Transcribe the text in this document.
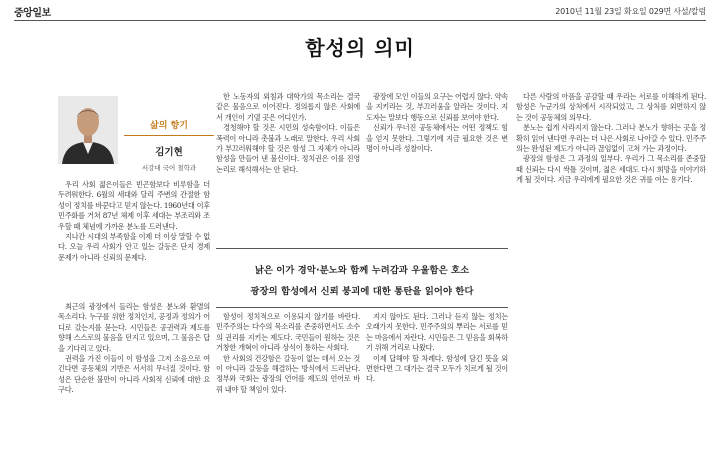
중앙일보	2010년 11월 23일 화요일 029면 사설/칼럼
함성의 의미
삶의 향기
김기현
서강대 국어 철학과

우리 사회 젊은이들은 빈곤함보다 비루함을 더 두려워한다. 6월의 세대와 달리 주변의 간절한 함성이 정치를 바꾼다고 믿지 않는다. 1960년대 이후 민주화를 거쳐 87년 체제 이후 세대는 부조리와 조우할 때 체념에 가까운 분노를 드러낸다.

지나간 시대의 부족함을 이제 더 이상 말할 수 없다. 오늘 우리 사회가 안고 있는 갈등은 단지 경제 문제가 아니라 신뢰의 문제다.

최근의 광장에서 들리는 함성은 분노와 환멸의 목소리다. 누구를 위한 정치인지, 공정과 정의가 어디로 갔는지를 묻는다. 시민들은 공권력과 제도를 향해 스스로의 물음을 던지고 있으며, 그 물음은 답을 기다리고 있다.

권력을 가진 이들이 이 함성을 그저 소음으로 여긴다면 공동체의 기반은 서서히 무너질 것이다. 함성은 단순한 불만이 아니라 사회적 신뢰에 대한 요구다.

한 노동자의 외침과 대학가의 목소리는 결국 같은 물음으로 이어진다. 정의롭지 않은 사회에서 개인이 기댈 곳은 어디인가.

경청해야 할 것은 시민의 성숙함이다. 이들은 폭력이 아니라 촛불과 노래로 말한다. 우리 사회가 부끄러워해야 할 것은 함성 그 자체가 아니라 함성을 만들어 낸 불신이다. 정치권은 이를 진영 논리로 해석해서는 안 된다.

광장에 모인 이들의 요구는 어렵지 않다. 약속을 지키라는 것, 부끄러움을 알라는 것이다. 지도자는 말보다 행동으로 신뢰를 보여야 한다.

신뢰가 무너진 공동체에서는 어떤 정책도 힘을 얻지 못한다. 그렇기에 지금 필요한 것은 변명이 아니라 성찰이다.

낡은 이가 경악·분노와 함께 누려감과 우울함은 호소
광장의 함성에서 신뢰 붕괴에 대한 통탄을 읽어야 한다

함성이 정치적으로 이용되지 않기를 바란다. 민주주의는 다수의 목소리를 존중하면서도 소수의 권리를 지키는 제도다. 국민들이 원하는 것은 거창한 개혁이 아니라 상식이 통하는 사회다.

한 사회의 건강함은 갈등이 없는 데서 오는 것이 아니라 갈등을 해결하는 방식에서 드러난다. 정부와 국회는 광장의 언어를 제도의 언어로 바꿔 내야 할 책임이 있다.

지지 않아도 된다. 그러나 듣지 않는 정치는 오래가지 못한다. 민주주의의 뿌리는 서로를 믿는 마음에서 자란다. 시민들은 그 믿음을 회복하기 위해 거리로 나왔다.

이제 답해야 할 차례다. 함성에 담긴 뜻을 외면한다면 그 대가는 결국 모두가 치르게 될 것이다.

다른 사람의 아픔을 공감할 때 우리는 서로를 이해하게 된다. 함성은 누군가의 상처에서 시작되었고, 그 상처를 외면하지 않는 것이 공동체의 의무다.

분노는 쉽게 사라지지 않는다. 그러나 분노가 향하는 곳을 정확히 읽어 낸다면 우리는 더 나은 사회로 나아갈 수 있다. 민주주의는 완성된 제도가 아니라 끊임없이 고쳐 가는 과정이다.

광장의 함성은 그 과정의 일부다. 우리가 그 목소리를 존중할 때 신뢰는 다시 싹틀 것이며, 젊은 세대도 다시 희망을 이야기하게 될 것이다. 지금 우리에게 필요한 것은 귀를 여는 용기다.
